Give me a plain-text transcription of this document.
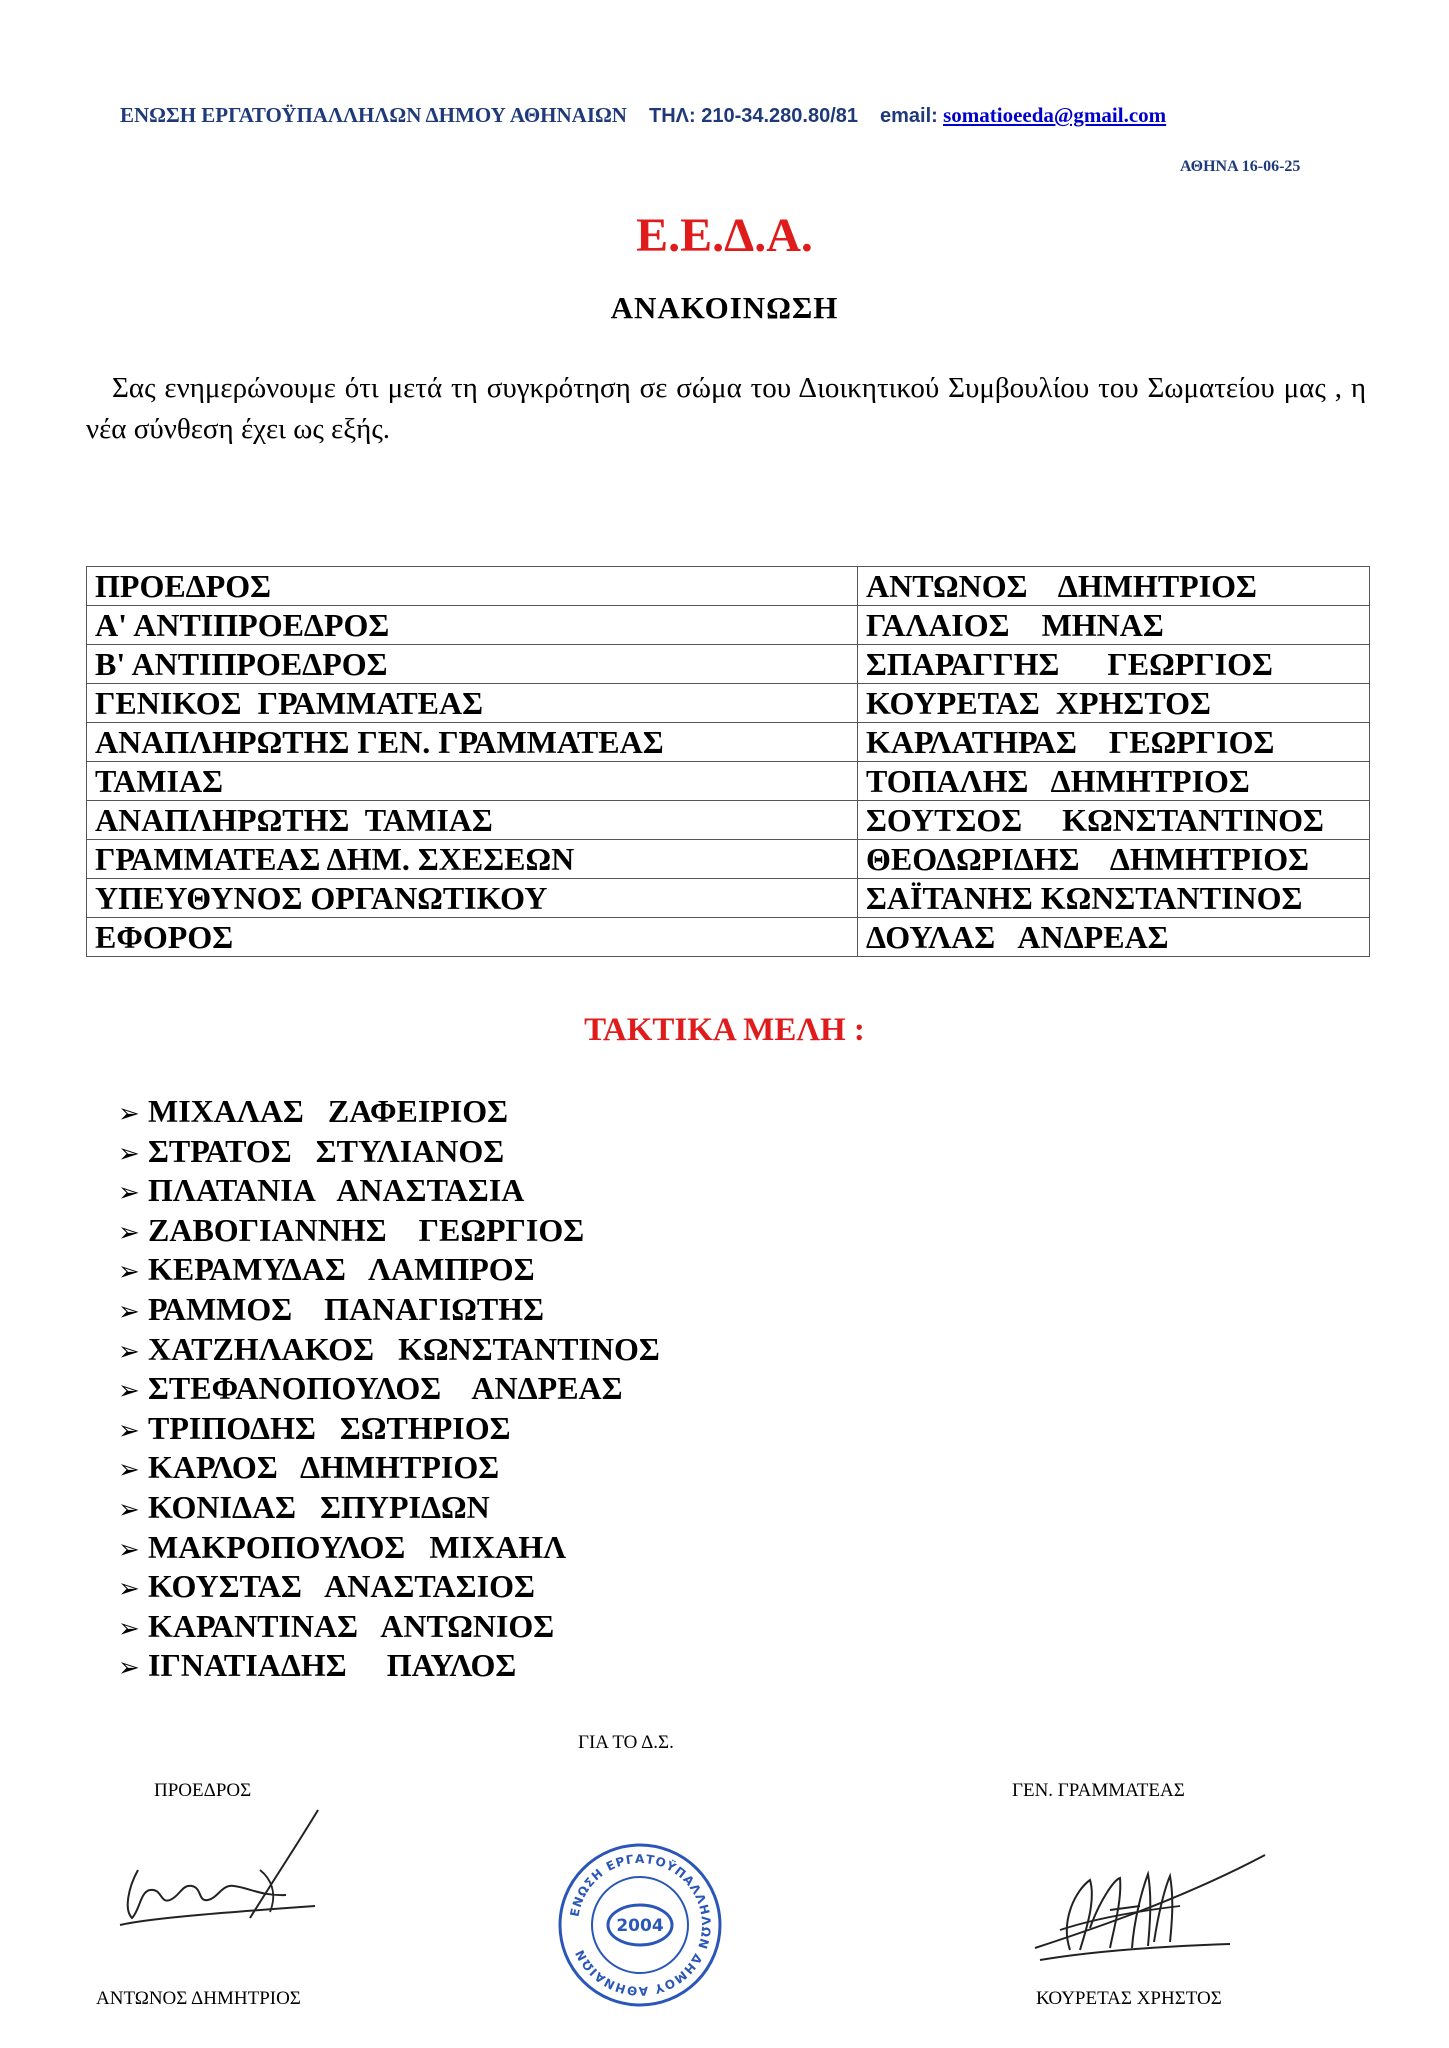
ΕΝΩΣΗ ΕΡΓΑΤΟΫΠΑΛΛΗΛΩΝ ΔΗΜΟΥ ΑΘΗΝΑΙΩΝ ΤΗΛ: 210-34.280.80/81 email: somatioeeda@gmail.com
ΑΘΗΝΑ 16-06-25
Ε.Ε.Δ.Α.
ΑΝΑΚΟΙΝΩΣΗ
Σας ενημερώνουμε ότι μετά τη συγκρότηση σε σώμα του Διοικητικού Συμβουλίου του Σωματείου μας , η νέα σύνθεση έχει ως εξής.
ΠΡΟΕΔΡΟΣ	ΑΝΤΩΝΟΣ    ΔΗΜΗΤΡΙΟΣ
Α' ΑΝΤΙΠΡΟΕΔΡΟΣ	ΓΑΛΑΙΟΣ    ΜΗΝΑΣ
Β' ΑΝΤΙΠΡΟΕΔΡΟΣ	ΣΠΑΡΑΓΓΗΣ      ΓΕΩΡΓΙΟΣ
ΓΕΝΙΚΟΣ  ΓΡΑΜΜΑΤΕΑΣ	ΚΟΥΡΕΤΑΣ  ΧΡΗΣΤΟΣ
ΑΝΑΠΛΗΡΩΤΗΣ ΓΕΝ. ΓΡΑΜΜΑΤΕΑΣ	ΚΑΡΛΑΤΗΡΑΣ    ΓΕΩΡΓΙΟΣ
ΤΑΜΙΑΣ	ΤΟΠΑΛΗΣ   ΔΗΜΗΤΡΙΟΣ
ΑΝΑΠΛΗΡΩΤΗΣ  ΤΑΜΙΑΣ	ΣΟΥΤΣΟΣ     ΚΩΝΣΤΑΝΤΙΝΟΣ
ΓΡΑΜΜΑΤΕΑΣ ΔΗΜ. ΣΧΕΣΕΩΝ	ΘΕΟΔΩΡΙΔΗΣ    ΔΗΜΗΤΡΙΟΣ
ΥΠΕΥΘΥΝΟΣ ΟΡΓΑΝΩΤΙΚΟΥ	ΣΑΪΤΑΝΗΣ ΚΩΝΣΤΑΝΤΙΝΟΣ
ΕΦΟΡΟΣ	ΔΟΥΛΑΣ   ΑΝΔΡΕΑΣ
ΤΑΚΤΙΚΑ ΜΕΛΗ :
➢ ΜΙΧΑΛΑΣ   ΖΑΦΕΙΡΙΟΣ
➢ ΣΤΡΑΤΟΣ   ΣΤΥΛΙΑΝΟΣ
➢ ΠΛΑΤΑΝΙΑ   ΑΝΑΣΤΑΣΙΑ
➢ ΖΑΒΟΓΙΑΝΝΗΣ    ΓΕΩΡΓΙΟΣ
➢ ΚΕΡΑΜΥΔΑΣ   ΛΑΜΠΡΟΣ
➢ ΡΑΜΜΟΣ    ΠΑΝΑΓΙΩΤΗΣ
➢ ΧΑΤΖΗΛΑΚΟΣ   ΚΩΝΣΤΑΝΤΙΝΟΣ
➢ ΣΤΕΦΑΝΟΠΟΥΛΟΣ    ΑΝΔΡΕΑΣ
➢ ΤΡΙΠΟΔΗΣ   ΣΩΤΗΡΙΟΣ
➢ ΚΑΡΛΟΣ   ΔΗΜΗΤΡΙΟΣ
➢ ΚΟΝΙΔΑΣ   ΣΠΥΡΙΔΩΝ
➢ ΜΑΚΡΟΠΟΥΛΟΣ   ΜΙΧΑΗΛ
➢ ΚΟΥΣΤΑΣ   ΑΝΑΣΤΑΣΙΟΣ
➢ ΚΑΡΑΝΤΙΝΑΣ   ΑΝΤΩΝΙΟΣ
➢ ΙΓΝΑΤΙΑΔΗΣ     ΠΑΥΛΟΣ
ΓΙΑ ΤΟ Δ.Σ.
ΠΡΟΕΔΡΟΣ	ΓΕΝ. ΓΡΑΜΜΑΤΕΑΣ
ΕΝΩΣΗ ΕΡΓΑΤΟΫΠΑΛΛΗΛΩΝ ΔΗΜΟΥ ΑΘΗΝΑΙΩΝ
2004
ΑΝΤΩΝΟΣ ΔΗΜΗΤΡΙΟΣ	ΚΟΥΡΕΤΑΣ ΧΡΗΣΤΟΣ
